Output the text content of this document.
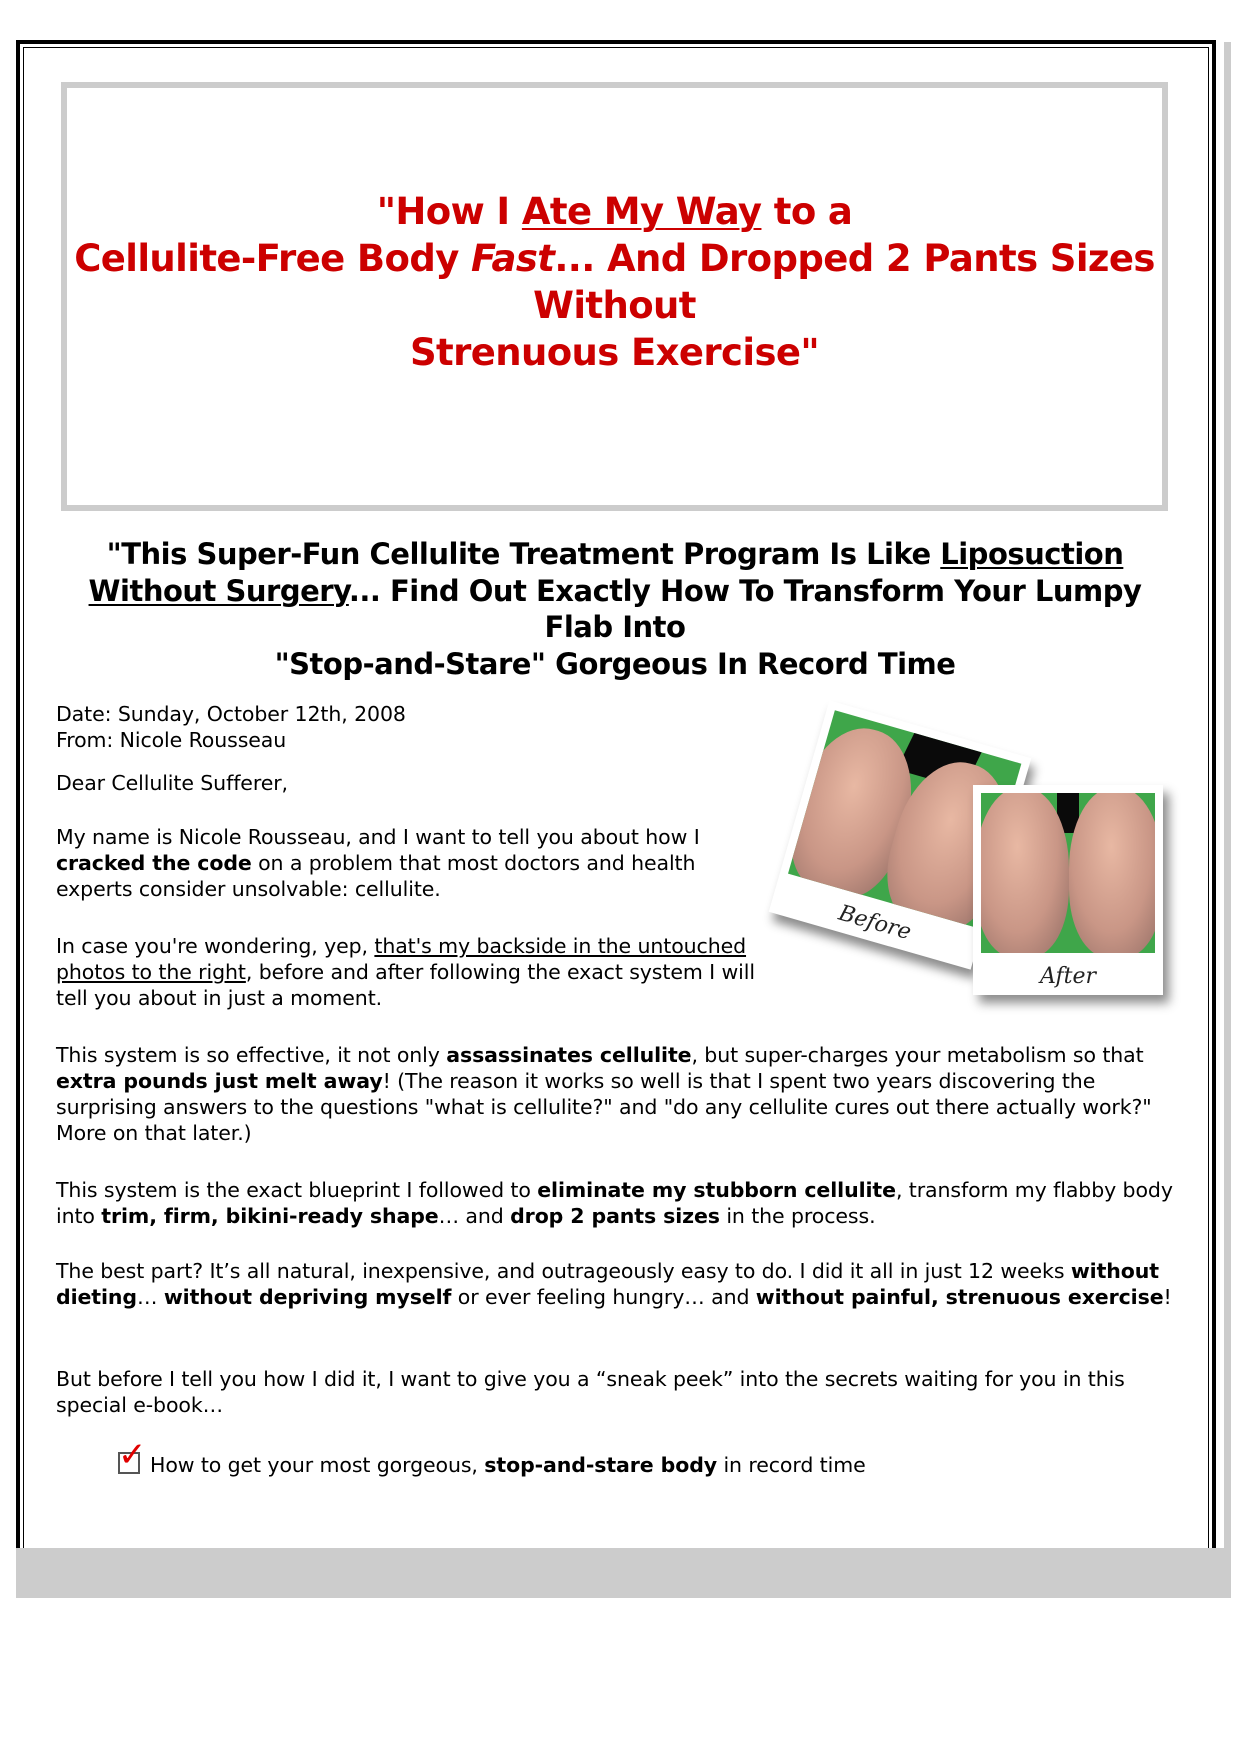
"How I Ate My Way to a
Cellulite-Free Body Fast... And Dropped 2 Pants Sizes
Without
Strenuous Exercise"
"This Super-Fun Cellulite Treatment Program Is Like Liposuction Without Surgery... Find Out Exactly How To Transform Your Lumpy Flab Into
"Stop-and-Stare" Gorgeous In Record Time
Date: Sunday, October 12th, 2008
From: Nicole Rousseau
Dear Cellulite Sufferer,
My name is Nicole Rousseau, and I want to tell you about how I cracked the code on a problem that most doctors and health experts consider unsolvable: cellulite.
In case you're wondering, yep, that's my backside in the untouched photos to the right, before and after following the exact system I will tell you about in just a moment.
Before
After
This system is so effective, it not only assassinates cellulite, but super-charges your metabolism so that extra pounds just melt away! (The reason it works so well is that I spent two years discovering the surprising answers to the questions "what is cellulite?" and "do any cellulite cures out there actually work?" More on that later.)
This system is the exact blueprint I followed to eliminate my stubborn cellulite, transform my flabby body into trim, firm, bikini-ready shape… and drop 2 pants sizes in the process.
The best part? It’s all natural, inexpensive, and outrageously easy to do. I did it all in just 12 weeks without dieting… without depriving myself or ever feeling hungry… and without painful, strenuous exercise!
But before I tell you how I did it, I want to give you a “sneak peek” into the secrets waiting for you in this special e-book…
✓ How to get your most gorgeous, stop-and-stare body in record time
